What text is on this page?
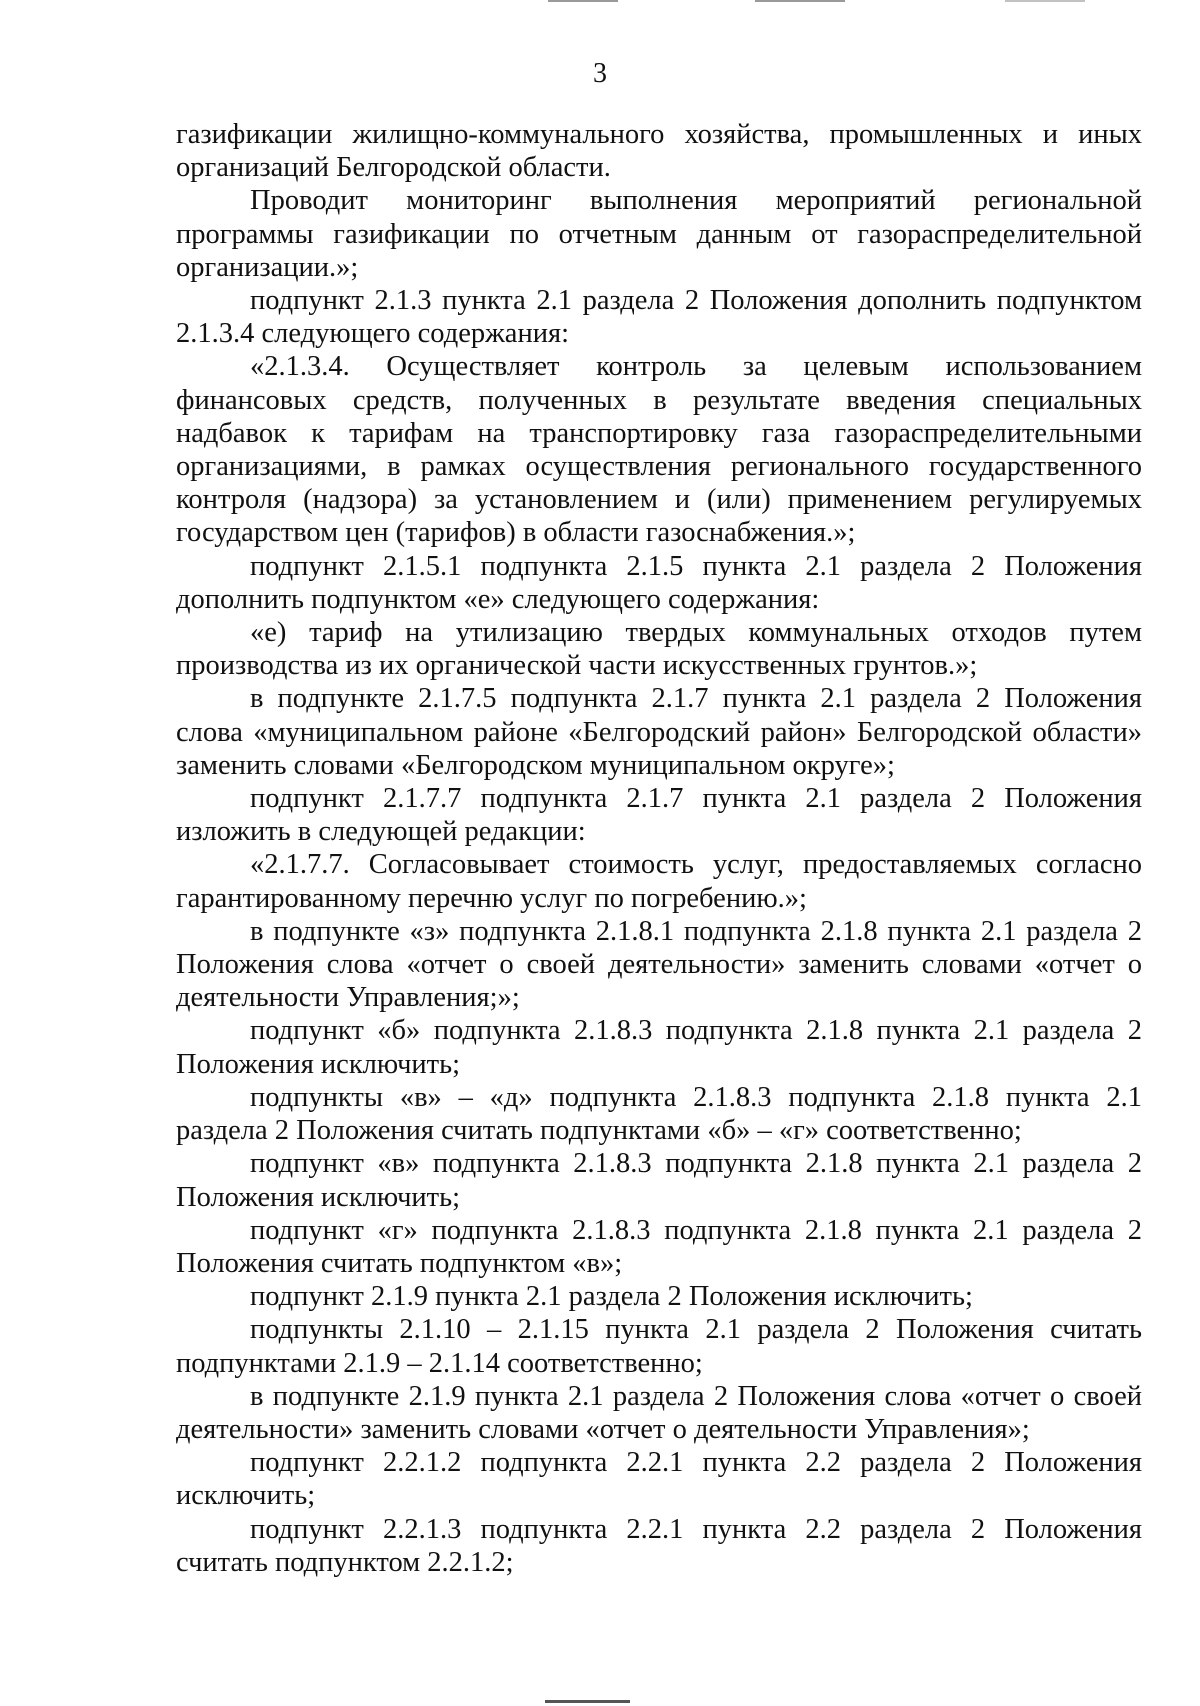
3

газификации жилищно-коммунального хозяйства, промышленных и иных организаций Белгородской области.

Проводит мониторинг выполнения мероприятий региональной программы газификации по отчетным данным от газораспределительной организации.»;

подпункт 2.1.3 пункта 2.1 раздела 2 Положения дополнить подпунктом 2.1.3.4 следующего содержания:

«2.1.3.4. Осуществляет контроль за целевым использованием финансовых средств, полученных в результате введения специальных надбавок к тарифам на транспортировку газа газораспределительными организациями, в рамках осуществления регионального государственного контроля (надзора) за установлением и (или) применением регулируемых государством цен (тарифов) в области газоснабжения.»;

подпункт 2.1.5.1 подпункта 2.1.5 пункта 2.1 раздела 2 Положения дополнить подпунктом «е» следующего содержания:

«е) тариф на утилизацию твердых коммунальных отходов путем производства из их органической части искусственных грунтов.»;

в подпункте 2.1.7.5 подпункта 2.1.7 пункта 2.1 раздела 2 Положения слова «муниципальном районе «Белгородский район» Белгородской области» заменить словами «Белгородском муниципальном округе»;

подпункт 2.1.7.7 подпункта 2.1.7 пункта 2.1 раздела 2 Положения изложить в следующей редакции:

«2.1.7.7. Согласовывает стоимость услуг, предоставляемых согласно гарантированному перечню услуг по погребению.»;

в подпункте «з» подпункта 2.1.8.1 подпункта 2.1.8 пункта 2.1 раздела 2 Положения слова «отчет о своей деятельности» заменить словами «отчет о деятельности Управления;»;

подпункт «б» подпункта 2.1.8.3 подпункта 2.1.8 пункта 2.1 раздела 2 Положения исключить;

подпункты «в» – «д» подпункта 2.1.8.3 подпункта 2.1.8 пункта 2.1 раздела 2 Положения считать подпунктами «б» – «г» соответственно;

подпункт «в» подпункта 2.1.8.3 подпункта 2.1.8 пункта 2.1 раздела 2 Положения исключить;

подпункт «г» подпункта 2.1.8.3 подпункта 2.1.8 пункта 2.1 раздела 2 Положения считать подпунктом «в»;

подпункт 2.1.9 пункта 2.1 раздела 2 Положения исключить;

подпункты 2.1.10 – 2.1.15 пункта 2.1 раздела 2 Положения считать подпунктами 2.1.9 – 2.1.14 соответственно;

в подпункте 2.1.9 пункта 2.1 раздела 2 Положения слова «отчет о своей деятельности» заменить словами «отчет о деятельности Управления»;

подпункт 2.2.1.2 подпункта 2.2.1 пункта 2.2 раздела 2 Положения исключить;

подпункт 2.2.1.3 подпункта 2.2.1 пункта 2.2 раздела 2 Положения считать подпунктом 2.2.1.2;
